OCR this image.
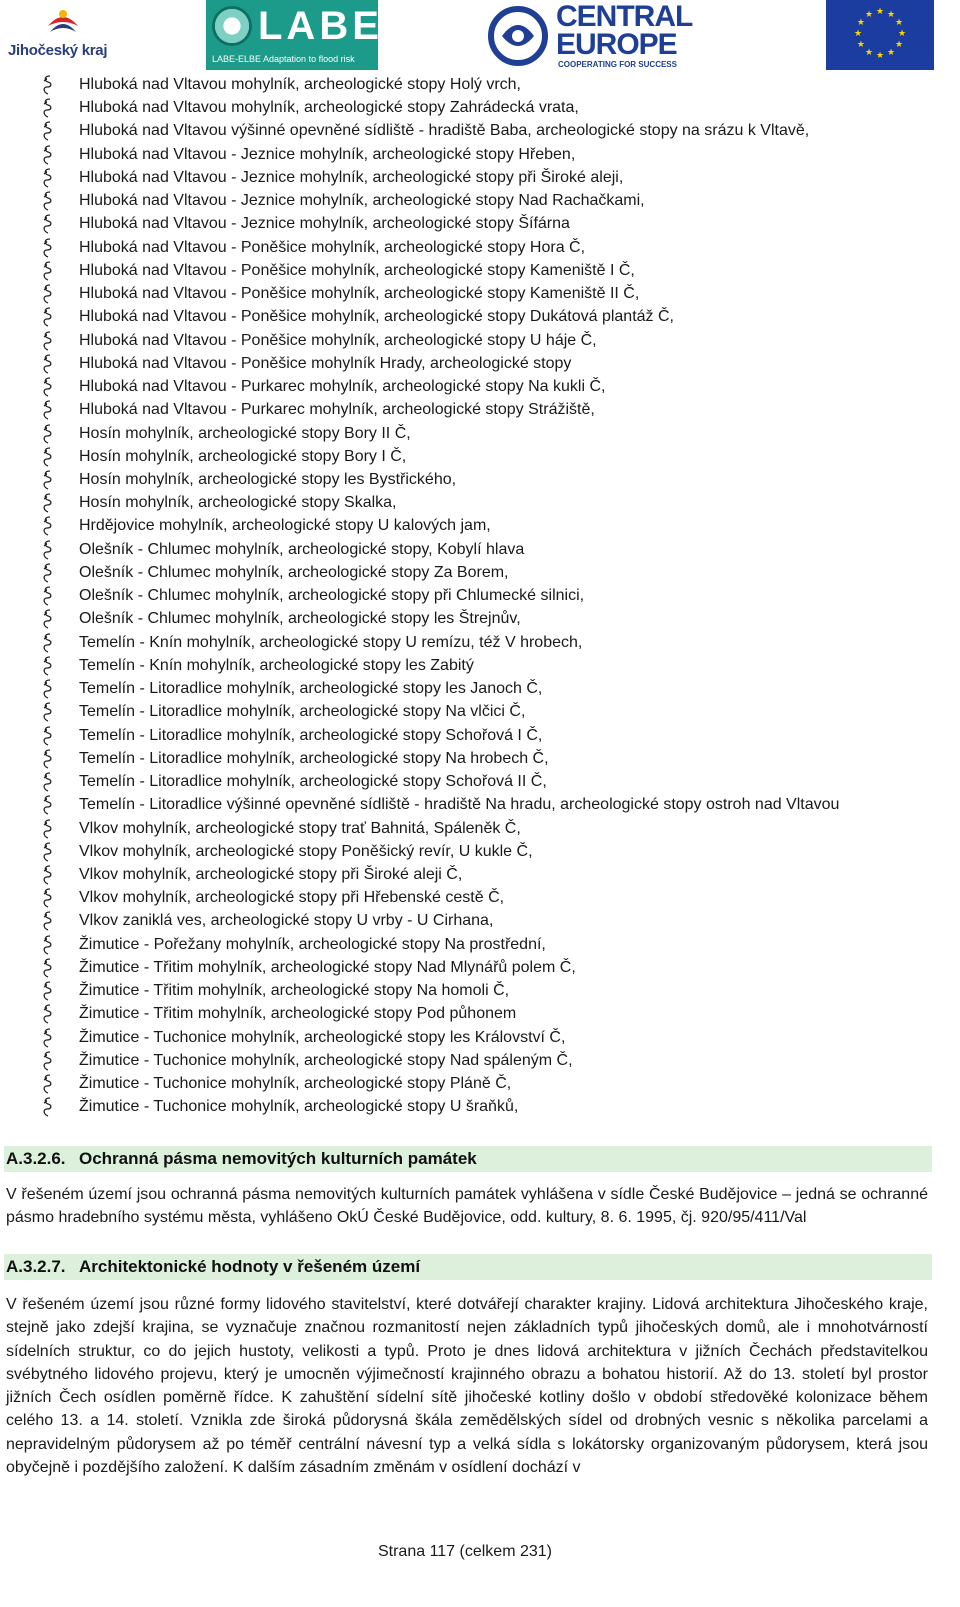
Jihočeský kraj
LABEL
LABE-ELBE Adaptation to flood risk
CENTRAL
EUROPE
COOPERATING FOR SUCCESS
★ ★
★
★
★
★
★
★
★
★
★
★
Hluboká nad Vltavou mohylník, archeologické stopy Holý vrch,
Hluboká nad Vltavou mohylník, archeologické stopy Zahrádecká vrata,
Hluboká nad Vltavou výšinné opevněné sídliště - hradiště Baba, archeologické stopy na srázu k Vltavě,
Hluboká nad Vltavou - Jeznice mohylník, archeologické stopy Hřeben,
Hluboká nad Vltavou - Jeznice mohylník, archeologické stopy při Široké aleji,
Hluboká nad Vltavou - Jeznice mohylník, archeologické stopy Nad Rachačkami,
Hluboká nad Vltavou - Jeznice mohylník, archeologické stopy Šífárna
Hluboká nad Vltavou - Poněšice mohylník, archeologické stopy Hora Č,
Hluboká nad Vltavou - Poněšice mohylník, archeologické stopy Kameniště I Č,
Hluboká nad Vltavou - Poněšice mohylník, archeologické stopy Kameniště II Č,
Hluboká nad Vltavou - Poněšice mohylník, archeologické stopy Dukátová plantáž Č,
Hluboká nad Vltavou - Poněšice mohylník, archeologické stopy U háje Č,
Hluboká nad Vltavou - Poněšice mohylník Hrady, archeologické stopy
Hluboká nad Vltavou - Purkarec mohylník, archeologické stopy Na kukli Č,
Hluboká nad Vltavou - Purkarec mohylník, archeologické stopy Strážiště,
Hosín mohylník, archeologické stopy Bory II Č,
Hosín mohylník, archeologické stopy Bory I Č,
Hosín mohylník, archeologické stopy les Bystřického,
Hosín mohylník, archeologické stopy Skalka,
Hrdějovice mohylník, archeologické stopy U kalových jam,
Olešník - Chlumec mohylník, archeologické stopy, Kobylí hlava
Olešník - Chlumec mohylník, archeologické stopy Za Borem,
Olešník - Chlumec mohylník, archeologické stopy při Chlumecké silnici,
Olešník - Chlumec mohylník, archeologické stopy les Štrejnův,
Temelín - Knín mohylník, archeologické stopy U remízu, též V hrobech,
Temelín - Knín mohylník, archeologické stopy les Zabitý
Temelín - Litoradlice mohylník, archeologické stopy les Janoch Č,
Temelín - Litoradlice mohylník, archeologické stopy Na vlčici Č,
Temelín - Litoradlice mohylník, archeologické stopy Schořová I Č,
Temelín - Litoradlice mohylník, archeologické stopy Na hrobech Č,
Temelín - Litoradlice mohylník, archeologické stopy Schořová II Č,
Temelín - Litoradlice výšinné opevněné sídliště - hradiště Na hradu, archeologické stopy ostroh nad Vltavou
Vlkov mohylník, archeologické stopy trať Bahnitá, Spáleněk Č,
Vlkov mohylník, archeologické stopy Poněšický revír, U kukle Č,
Vlkov mohylník, archeologické stopy při Široké aleji Č,
Vlkov mohylník, archeologické stopy při Hřebenské cestě Č,
Vlkov zaniklá ves, archeologické stopy U vrby - U Cirhana,
Žimutice - Pořežany mohylník, archeologické stopy Na prostřední,
Žimutice - Třitim mohylník, archeologické stopy Nad Mlynářů polem Č,
Žimutice - Třitim mohylník, archeologické stopy Na homoli Č,
Žimutice - Třitim mohylník, archeologické stopy Pod půhonem
Žimutice - Tuchonice mohylník, archeologické stopy les Království Č,
Žimutice - Tuchonice mohylník, archeologické stopy Nad spáleným Č,
Žimutice - Tuchonice mohylník, archeologické stopy Pláně Č,
Žimutice - Tuchonice mohylník, archeologické stopy U šraňků,
A.3.2.6. Ochranná pásma nemovitých kulturních památek

V řešeném území jsou ochranná pásma nemovitých kulturních památek vyhlášena v sídle České Budějovice – jedná se ochranné pásmo hradebního systému města, vyhlášeno OkÚ České Budějovice, odd. kultury, 8. 6. 1995, čj. 920/95/411/Val

A.3.2.7. Architektonické hodnoty v řešeném území

V řešeném území jsou různé formy lidového stavitelství, které dotvářejí charakter krajiny. Lidová architektura Jihočeského kraje, stejně jako zdejší krajina, se vyznačuje značnou rozmanitostí nejen základních typů jihočeských domů, ale i mnohotvárností sídelních struktur, co do jejich hustoty, velikosti a typů. Proto je dnes lidová architektura v jižních Čechách představitelkou svébytného lidového projevu, který je umocněn výjimečností krajinného obrazu a bohatou historií. Až do 13. století byl prostor jižních Čech osídlen poměrně řídce. K zahuštění sídelní sítě jihočeské kotliny došlo v období středověké kolonizace během celého 13. a 14. století. Vznikla zde široká půdorysná škála zemědělských sídel od drobných vesnic s několika parcelami a nepravidelným půdorysem až po téměř centrální návesní typ a velká sídla s lokátorsky organizovaným půdorysem, která jsou obyčejně i pozdějšího založení. K dalším zásadním změnám v osídlení dochází v

Strana 117 (celkem 231)
